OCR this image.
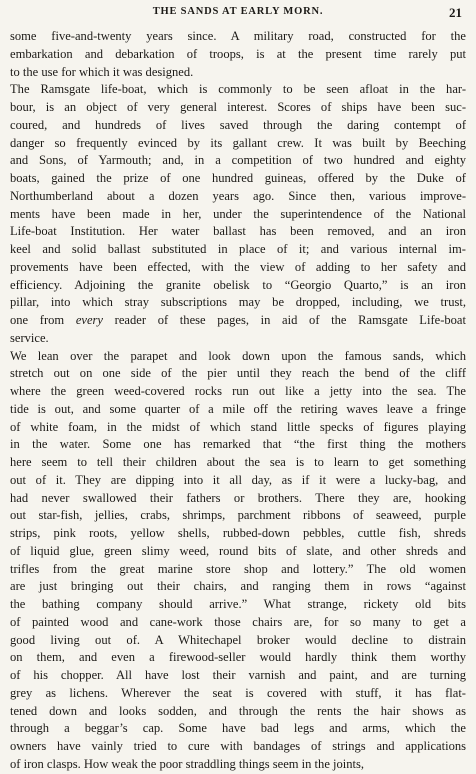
THE SANDS AT EARLY MORN.	21
some five-and-twenty years since. A military road, constructed for the
embarkation and debarkation of troops, is at the present time rarely put
to the use for which it was designed.
The Ramsgate life-boat, which is commonly to be seen afloat in the har-
bour, is an object of very general interest. Scores of ships have been suc-
coured, and hundreds of lives saved through the daring contempt of
danger so frequently evinced by its gallant crew. It was built by Beeching
and Sons, of Yarmouth; and, in a competition of two hundred and eighty
boats, gained the prize of one hundred guineas, offered by the Duke of
Northumberland about a dozen years ago. Since then, various improve-
ments have been made in her, under the superintendence of the National
Life-boat Institution. Her water ballast has been removed, and an iron
keel and solid ballast substituted in place of it; and various internal im-
provements have been effected, with the view of adding to her safety and
efficiency. Adjoining the granite obelisk to “Georgio Quarto,” is an iron
pillar, into which stray subscriptions may be dropped, including, we trust,
one from every reader of these pages, in aid of the Ramsgate Life-boat
service.
We lean over the parapet and look down upon the famous sands, which
stretch out on one side of the pier until they reach the bend of the cliff
where the green weed-covered rocks run out like a jetty into the sea. The
tide is out, and some quarter of a mile off the retiring waves leave a fringe
of white foam, in the midst of which stand little specks of figures playing
in the water. Some one has remarked that “the first thing the mothers
here seem to tell their children about the sea is to learn to get something
out of it. They are dipping into it all day, as if it were a lucky-bag, and
had never swallowed their fathers or brothers. There they are, hooking
out star-fish, jellies, crabs, shrimps, parchment ribbons of seaweed, purple
strips, pink roots, yellow shells, rubbed-down pebbles, cuttle fish, shreds
of liquid glue, green slimy weed, round bits of slate, and other shreds and
trifles from the great marine store shop and lottery.” The old women
are just bringing out their chairs, and ranging them in rows “against
the bathing company should arrive.” What strange, rickety old bits
of painted wood and cane-work those chairs are, for so many to get a
good living out of. A Whitechapel broker would decline to distrain
on them, and even a firewood-seller would hardly think them worthy
of his chopper. All have lost their varnish and paint, and are turning
grey as lichens. Wherever the seat is covered with stuff, it has flat-
tened down and looks sodden, and through the rents the hair shows as
through a beggar’s cap. Some have bad legs and arms, which the
owners have vainly tried to cure with bandages of strings and applications
of iron clasps. How weak the poor straddling things seem in the joints,
